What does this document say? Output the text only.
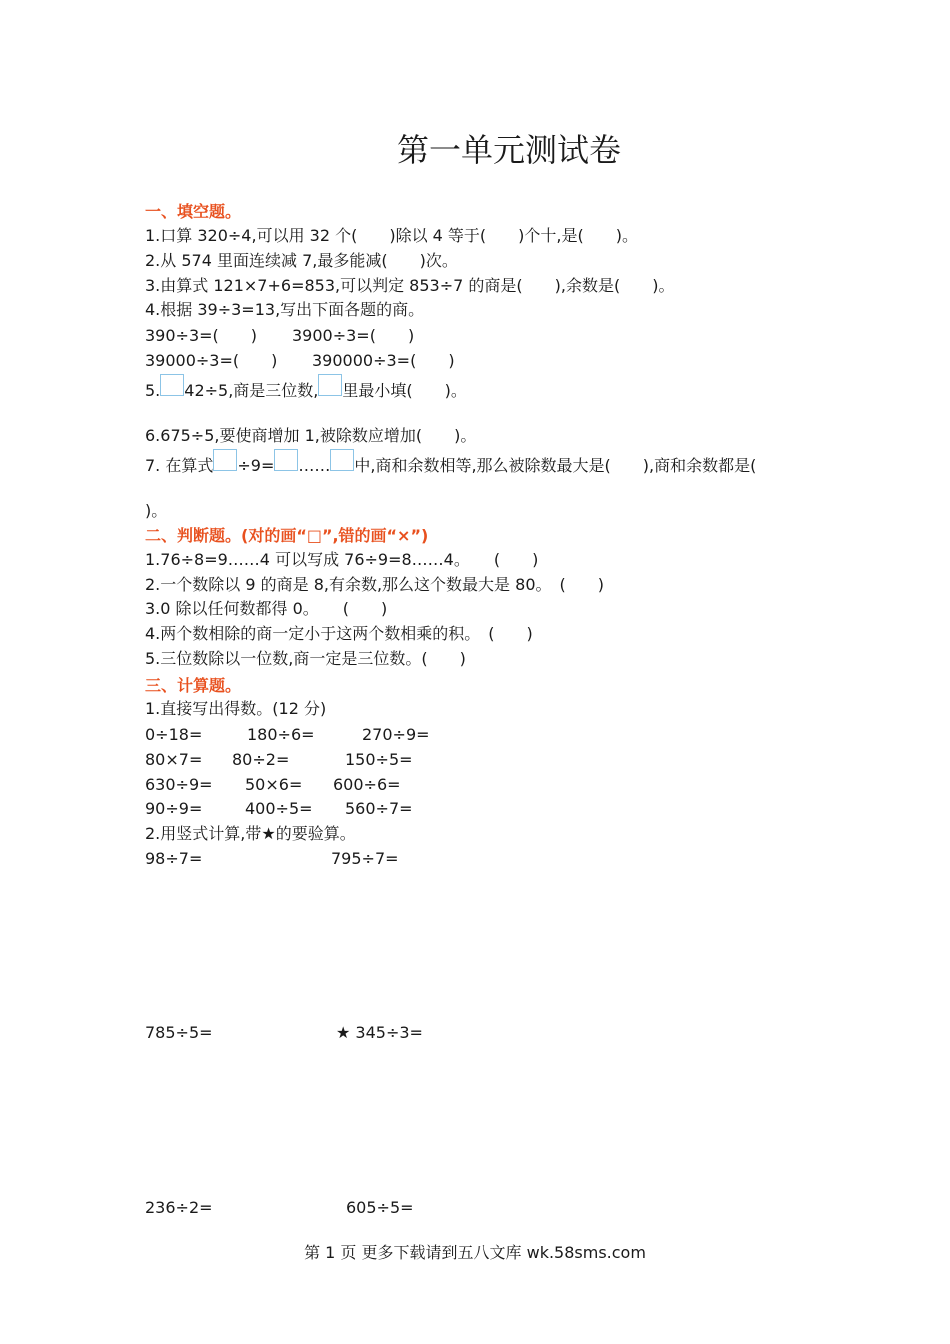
第一单元测试卷
一、填空题。
1.口算 320÷4,可以用 32 个(　　)除以 4 等于(　　)个十,是(　　)。
2.从 574 里面连续减 7,最多能减(　　)次。
3.由算式 121×7+6=853,可以判定 853÷7 的商是(　　),余数是(　　)。
4.根据 39÷3=13,写出下面各题的商。
390÷3=(　　) 3900÷3=(　　)
39000÷3=(　　) 390000÷3=(　　)
5. 42÷5,商是三位数, 里最小填(　　)。
6.675÷5,要使商增加 1,被除数应增加(　　)。
7. 在算式 ÷9= …… 中,商和余数相等,那么被除数最大是(　　),商和余数都是(
)。
二、判断题。(对的画“□”,错的画“×”)
1.76÷8=9……4 可以写成 76÷9=8……4。　　(　　)
2.一个数除以 9 的商是 8,有余数,那么这个数最大是 80。　(　　)
3.0 除以任何数都得 0。　　(　　)
4.两个数相除的商一定小于这两个数相乘的积。　(　　)
5.三位数除以一位数,商一定是三位数。(　　)
三、计算题。
1.直接写出得数。(12 分)
0÷18=	180÷6=	270÷9=
80×7= 80÷2=	150÷5=
630÷9= 50×6= 600÷6=
90÷9=	400÷5= 560÷7=
2.用竖式计算,带★的要验算。
98÷7=	795÷7=
785÷5=	★ 345÷3=
236÷2=	605÷5=
第 1 页 更多下载请到五八文库 wk.58sms.com
